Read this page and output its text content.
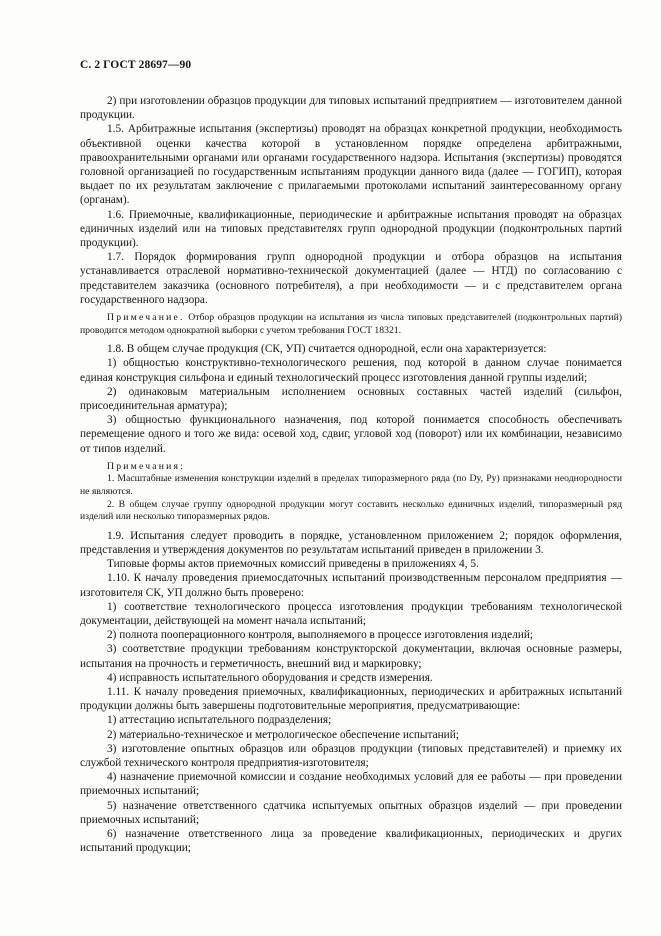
С. 2 ГОСТ 28697—90

2) при изготовлении образцов продукции для типовых испытаний предприятием — изготовителем данной продукции.

1.5. Арбитражные испытания (экспертизы) проводят на образцах конкретной продукции, необходимость объективной оценки качества которой в установленном порядке определена арбитражными, правоохранительными органами или органами государственного надзора. Испытания (экспертизы) проводятся головной организацией по государственным испытаниям продукции данного вида (далее — ГОГИП), которая выдает по их результатам заключение с прилагаемыми протоколами испытаний заинтересованному органу (органам).

1.6. Приемочные, квалификационные, периодические и арбитражные испытания проводят на образцах единичных изделий или на типовых представителях групп однородной продукции (подконтрольных партий продукции).

1.7. Порядок формирования групп однородной продукции и отбора образцов на испытания устанавливается отраслевой нормативно-технической документацией (далее — НТД) по согласованию с представителем заказчика (основного потребителя), а при необходимости — и с представителем органа государственного надзора.

Примечание. Отбор образцов продукции на испытания из числа типовых представителей (подконтрольных партий) проводится методом однократной выборки с учетом требования ГОСТ 18321.

1.8. В общем случае продукция (СК, УП) считается однородной, если она характеризуется:

1) общностью конструктивно-технологического решения, под которой в данном случае понимается единая конструкция сильфона и единый технологический процесс изготовления данной группы изделий;

2) одинаковым материальным исполнением основных составных частей изделий (сильфон, присоединительная арматура);

3) общностью функционального назначения, под которой понимается способность обеспечивать перемещение одного и того же вида: осевой ход, сдвиг, угловой ход (поворот) или их комбинации, независимо от типов изделий.

Примечания:

1. Масштабные изменения конструкции изделий в пределах типоразмерного ряда (по Dy, Py) признаками неоднородности не являются.

2. В общем случае группу однородной продукции могут составить несколько единичных изделий, типоразмерный ряд изделий или несколько типоразмерных рядов.

1.9. Испытания следует проводить в порядке, установленном приложением 2; порядок оформления, представления и утверждения документов по результатам испытаний приведен в приложении 3.

Типовые формы актов приемочных комиссий приведены в приложениях 4, 5.

1.10. К началу проведения приемосдаточных испытаний производственным персоналом предприятия — изготовителя СК, УП должно быть проверено:

1) соответствие технологического процесса изготовления продукции требованиям технологической документации, действующей на момент начала испытаний;

2) полнота пооперационного контроля, выполняемого в процессе изготовления изделий;

3) соответствие продукции требованиям конструкторской документации, включая основные размеры, испытания на прочность и герметичность, внешний вид и маркировку;

4) исправность испытательного оборудования и средств измерения.

1.11. К началу проведения приемочных, квалификационных, периодических и арбитражных испытаний продукции должны быть завершены подготовительные мероприятия, предусматривающие:

1) аттестацию испытательного подразделения;

2) материально-техническое и метрологическое обеспечение испытаний;

3) изготовление опытных образцов или образцов продукции (типовых представителей) и приемку их службой технического контроля предприятия-изготовителя;

4) назначение приемочной комиссии и создание необходимых условий для ее работы — при проведении приемочных испытаний;

5) назначение ответственного сдатчика испытуемых опытных образцов изделий — при проведении приемочных испытаний;

6) назначение ответственного лица за проведение квалификационных, периодических и других испытаний продукции;
